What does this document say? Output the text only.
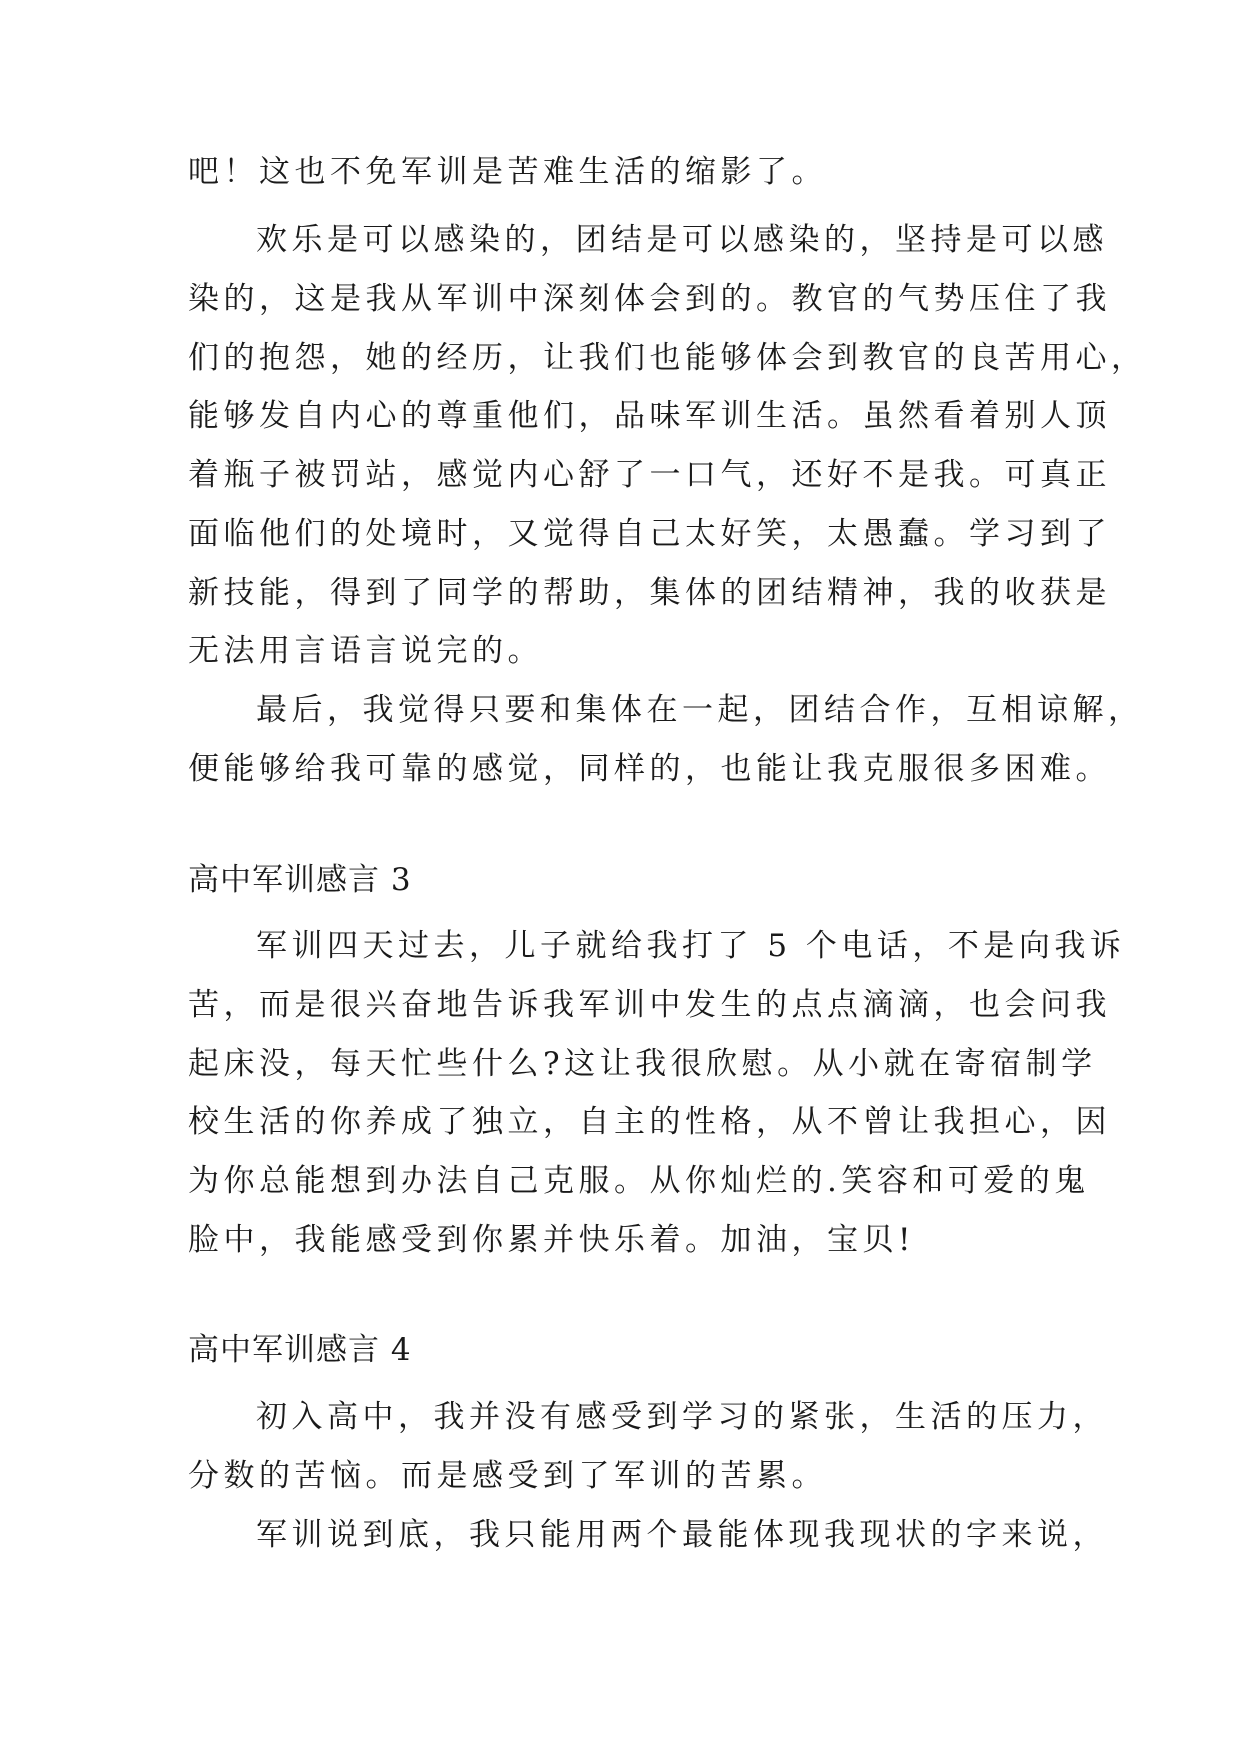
吧！这也不免军训是苦难生活的缩影了。
欢乐是可以感染的，团结是可以感染的，坚持是可以感
染的，这是我从军训中深刻体会到的。教官的气势压住了我
们的抱怨，她的经历，让我们也能够体会到教官的良苦用心，
能够发自内心的尊重他们，品味军训生活。虽然看着别人顶
着瓶子被罚站，感觉内心舒了一口气，还好不是我。可真正
面临他们的处境时，又觉得自己太好笑，太愚蠢。学习到了
新技能，得到了同学的帮助，集体的团结精神，我的收获是
无法用言语言说完的。
最后，我觉得只要和集体在一起，团结合作，互相谅解，
便能够给我可靠的感觉，同样的，也能让我克服很多困难。
高中军训感言 3
军训四天过去，儿子就给我打了 5 个电话，不是向我诉
苦，而是很兴奋地告诉我军训中发生的点点滴滴，也会问我
起床没，每天忙些什么?这让我很欣慰。从小就在寄宿制学
校生活的你养成了独立，自主的性格，从不曾让我担心，因
为你总能想到办法自己克服。从你灿烂的.笑容和可爱的鬼
脸中，我能感受到你累并快乐着。加油，宝贝!
高中军训感言 4
初入高中，我并没有感受到学习的紧张，生活的压力，
分数的苦恼。而是感受到了军训的苦累。
军训说到底，我只能用两个最能体现我现状的字来说，
